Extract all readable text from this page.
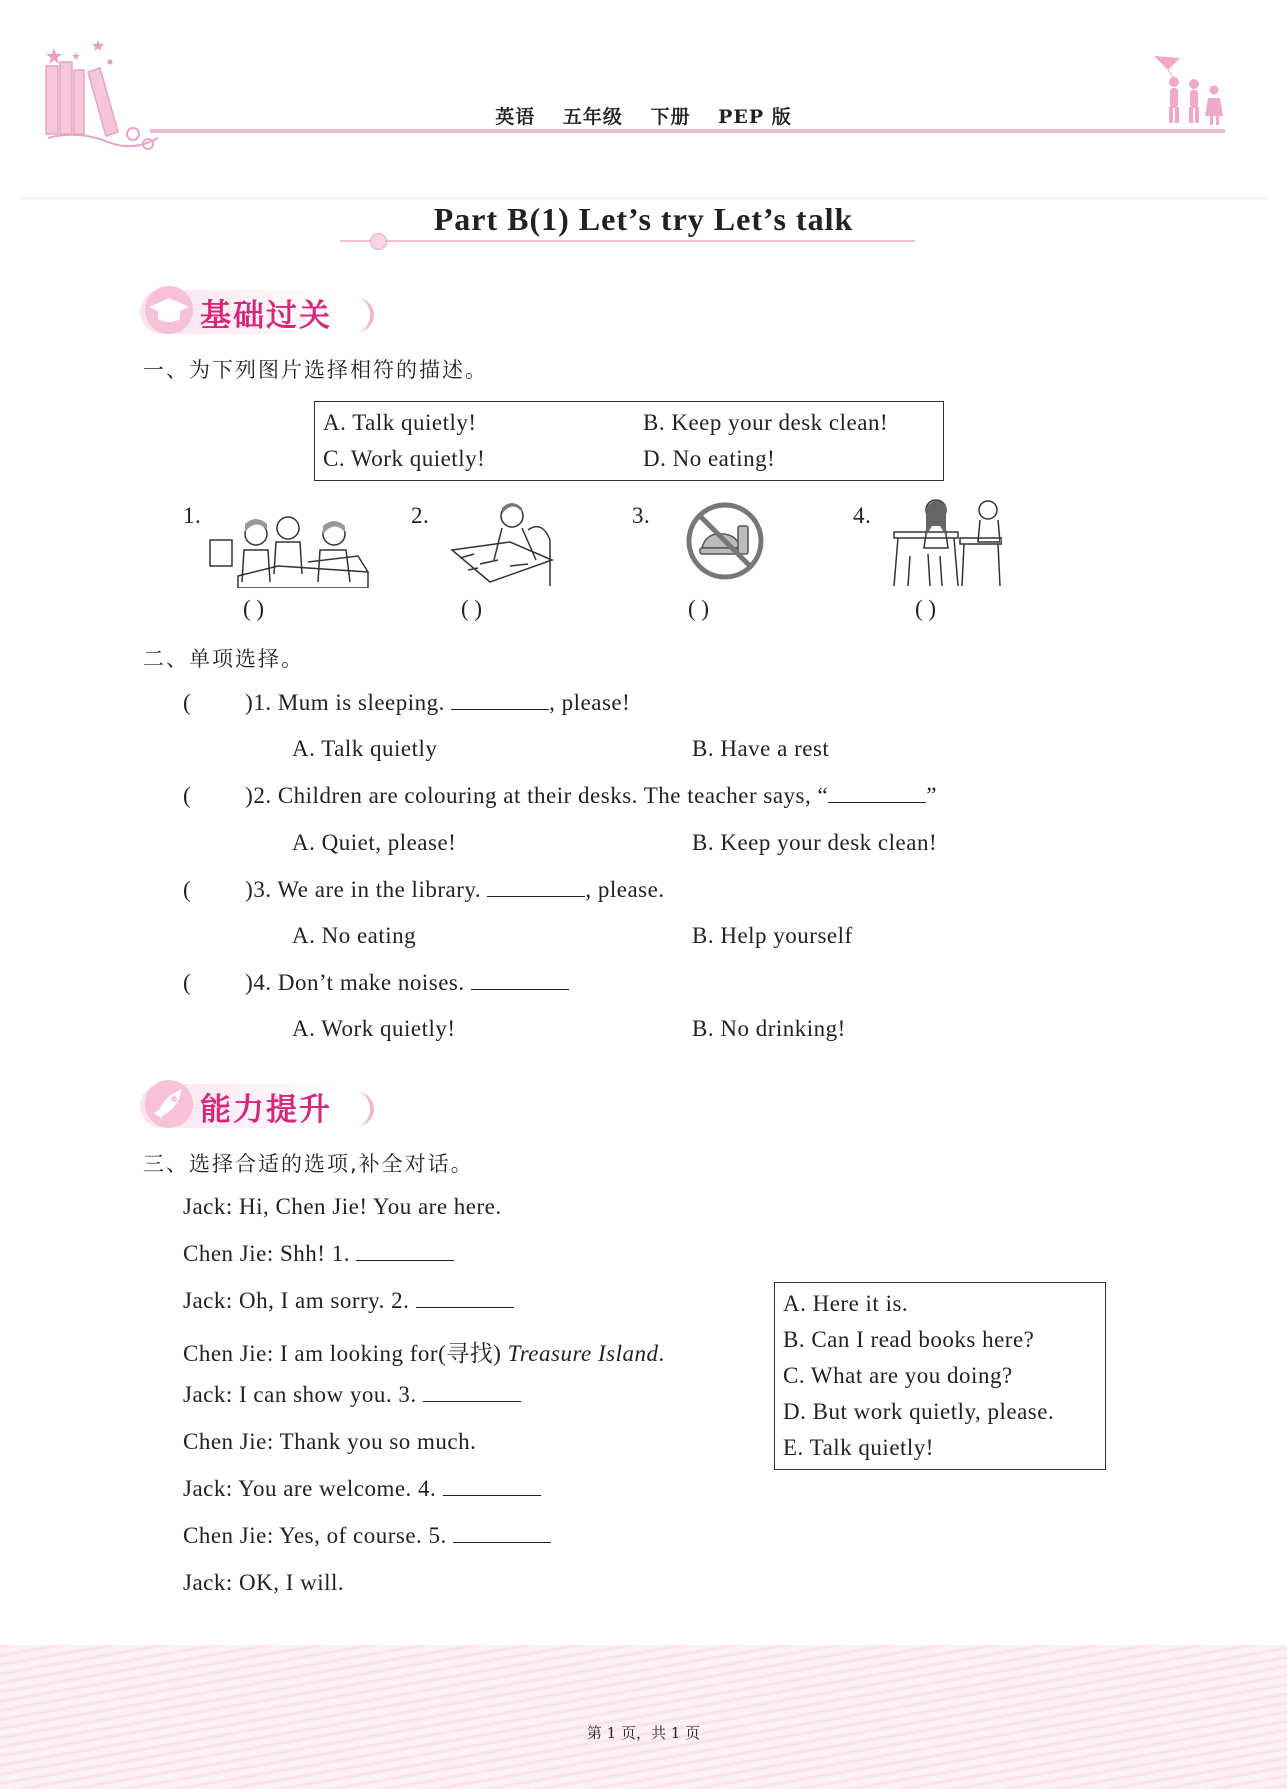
英语 五年级 下册 PEP 版
Part B(1) Let’s try Let’s talk
基础过关
一、为下列图片选择相符的描述。
A. Talk quietly!	B. Keep your desk clean!
C. Work quietly!	D. No eating!
1.
( )
2.
( )
3.
( )
4.
( )
二、单项选择。
( )1. Mum is sleeping.	, please!
A. Talk quietly	B. Have a rest
( )2. Children are colouring at their desks. The teacher says, “	”
A. Quiet, please!	B. Keep your desk clean!
( )3. We are in the library.	, please.
A. No eating	B. Help yourself
( )4. Don’t make noises.
A. Work quietly!	B. No drinking!
能力提升
三、选择合适的选项,补全对话。
Jack: Hi, Chen Jie! You are here.
Chen Jie: Shh! 1.
Jack: Oh, I am sorry. 2.
Chen Jie: I am looking for(寻找) Treasure Island.
Jack: I can show you. 3.
Chen Jie: Thank you so much.
Jack: You are welcome. 4.
Chen Jie: Yes, of course. 5.
Jack: OK, I will.
A. Here it is.
B. Can I read books here?
C. What are you doing?
D. But work quietly, please.
E. Talk quietly!
第 1 页，共 1 页
